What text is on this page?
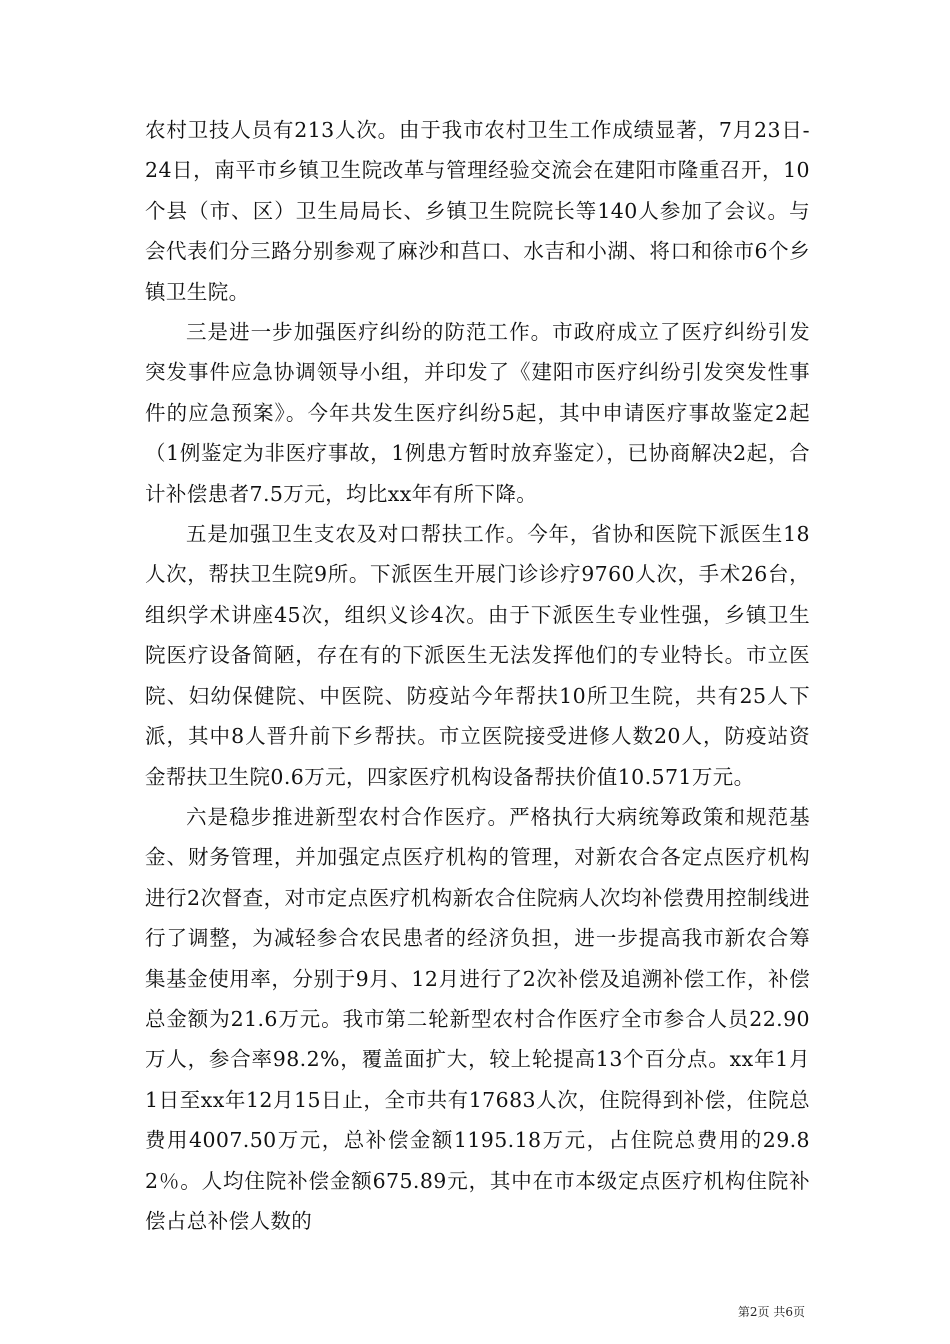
农村卫技人员有213人次。由于我市农村卫生工作成绩显著，7月23日-24日，南平市乡镇卫生院改革与管理经验交流会在建阳市隆重召开，10个县（市、区）卫生局局长、乡镇卫生院院长等140人参加了会议。与会代表们分三路分别参观了麻沙和莒口、水吉和小湖、将口和徐市6个乡镇卫生院。

三是进一步加强医疗纠纷的防范工作。市政府成立了医疗纠纷引发突发事件应急协调领导小组，并印发了《建阳市医疗纠纷引发突发性事件的应急预案》。今年共发生医疗纠纷5起，其中申请医疗事故鉴定2起（1例鉴定为非医疗事故，1例患方暂时放弃鉴定），已协商解决2起，合计补偿患者7.5万元，均比xx年有所下降。

五是加强卫生支农及对口帮扶工作。今年，省协和医院下派医生18人次，帮扶卫生院9所。下派医生开展门诊诊疗9760人次，手术26台，组织学术讲座45次，组织义诊4次。由于下派医生专业性强，乡镇卫生院医疗设备简陋，存在有的下派医生无法发挥他们的专业特长。市立医院、妇幼保健院、中医院、防疫站今年帮扶10所卫生院，共有25人下派，其中8人晋升前下乡帮扶。市立医院接受进修人数20人，防疫站资金帮扶卫生院0.6万元，四家医疗机构设备帮扶价值10.571万元。

六是稳步推进新型农村合作医疗。严格执行大病统筹政策和规范基金、财务管理，并加强定点医疗机构的管理，对新农合各定点医疗机构进行2次督查，对市定点医疗机构新农合住院病人次均补偿费用控制线进行了调整，为减轻参合农民患者的经济负担，进一步提高我市新农合筹集基金使用率，分别于9月、12月进行了2次补偿及追溯补偿工作，补偿总金额为21.6万元。我市第二轮新型农村合作医疗全市参合人员22.90万人，参合率98.2%，覆盖面扩大，较上轮提高13个百分点。xx年1月1日至xx年12月15日止，全市共有17683人次，住院得到补偿，住院总费用4007.50万元，总补偿金额1195.18万元，占住院总费用的29.82％。人均住院补偿金额675.89元，其中在市本级定点医疗机构住院补偿占总补偿人数的

第2页 共6页
